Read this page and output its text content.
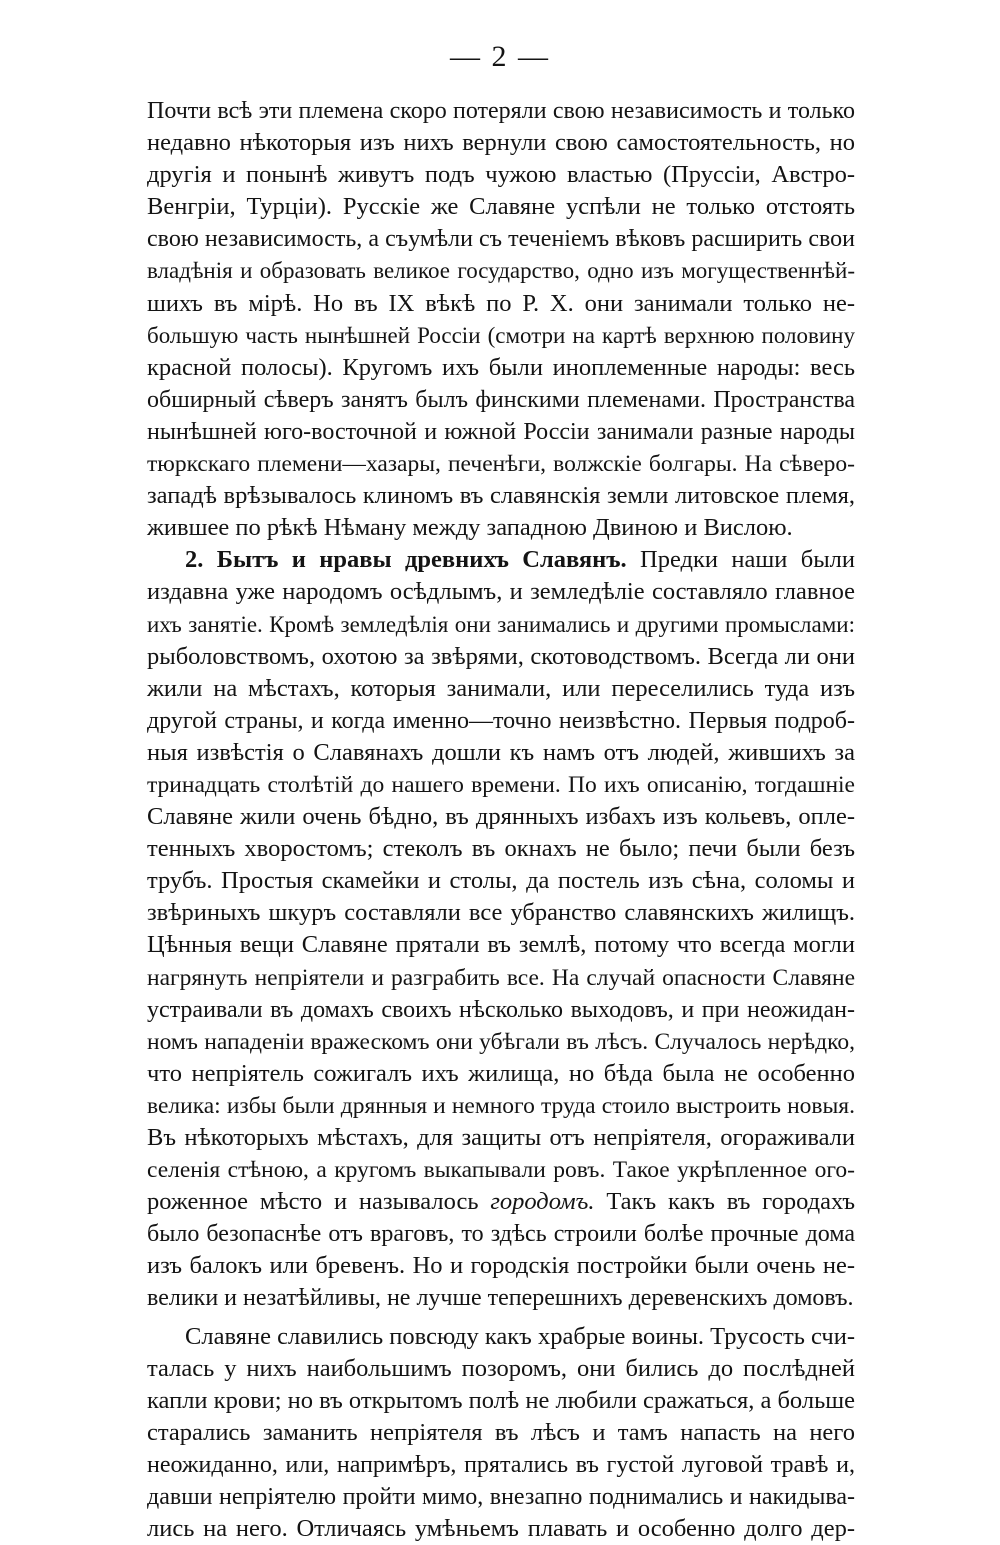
— 2 —
Почти всѣ эти племена скоро потеряли свою независимость и только
недавно нѣкоторыя изъ нихъ вернули свою самостоятельность, но
другія и понынѣ живутъ подъ чужою властью (Пруссіи, Австро-
Венгріи, Турціи). Русскіе же Славяне успѣли не только отстоять
свою независимость, а съумѣли съ теченіемъ вѣковъ расширить свои
владѣнія и образовать великое государство, одно изъ могущественнѣй-
шихъ въ мірѣ. Но въ IX вѣкѣ по Р. Х. они занимали только не-
большую часть нынѣшней Россіи (смотри на картѣ верхнюю половину
красной полосы). Кругомъ ихъ были иноплеменные народы: весь
обширный сѣверъ занятъ былъ финскими племенами. Пространства
нынѣшней юго-восточной и южной Россіи занимали разные народы
тюркскаго племени—хазары, печенѣги, волжскіе болгары. На сѣверо-
западѣ врѣзывалось клиномъ въ славянскія земли литовское племя,
жившее по рѣкѣ Нѣману между западною Двиною и Вислою.
2. Бытъ и нравы древнихъ Славянъ. Предки наши были
издавна уже народомъ осѣдлымъ, и земледѣліе составляло главное
ихъ занятіе. Кромѣ земледѣлія они занимались и другими промыслами:
рыболовствомъ, охотою за звѣрями, скотоводствомъ. Всегда ли они
жили на мѣстахъ, которыя занимали, или переселились туда изъ
другой страны, и когда именно—точно неизвѣстно. Первыя подроб-
ныя извѣстія о Славянахъ дошли къ намъ отъ людей, жившихъ за
тринадцать столѣтій до нашего времени. По ихъ описанію, тогдашніе
Славяне жили очень бѣдно, въ дрянныхъ избахъ изъ кольевъ, опле-
тенныхъ хворостомъ; стеколъ въ окнахъ не было; печи были безъ
трубъ. Простыя скамейки и столы, да постель изъ сѣна, соломы и
звѣриныхъ шкуръ составляли все убранство славянскихъ жилищъ.
Цѣнныя вещи Славяне прятали въ землѣ, потому что всегда могли
нагрянуть непріятели и разграбить все. На случай опасности Славяне
устраивали въ домахъ своихъ нѣсколько выходовъ, и при неожидан-
номъ нападеніи вражескомъ они убѣгали въ лѣсъ. Случалось нерѣдко,
что непріятель сожигалъ ихъ жилища, но бѣда была не особенно
велика: избы были дрянныя и немного труда стоило выстроить новыя.
Въ нѣкоторыхъ мѣстахъ, для защиты отъ непріятеля, огораживали
селенія стѣною, а кругомъ выкапывали ровъ. Такое укрѣпленное ого-
роженное мѣсто и называлось городомъ. Такъ какъ въ городахъ
было безопаснѣе отъ враговъ, то здѣсь строили болѣе прочные дома
изъ балокъ или бревенъ. Но и городскія постройки были очень не-
велики и незатѣйливы, не лучше теперешнихъ деревенскихъ домовъ.
Славяне славились повсюду какъ храбрые воины. Трусость счи-
талась у нихъ наибольшимъ позоромъ, они бились до послѣдней
капли крови; но въ открытомъ полѣ не любили сражаться, а больше
старались заманить непріятеля въ лѣсъ и тамъ напасть на него
неожиданно, или, напримѣръ, прятались въ густой луговой травѣ и,
давши непріятелю пройти мимо, внезапно поднимались и накидыва-
лись на него. Отличаясь умѣньемъ плавать и особенно долго дер-
